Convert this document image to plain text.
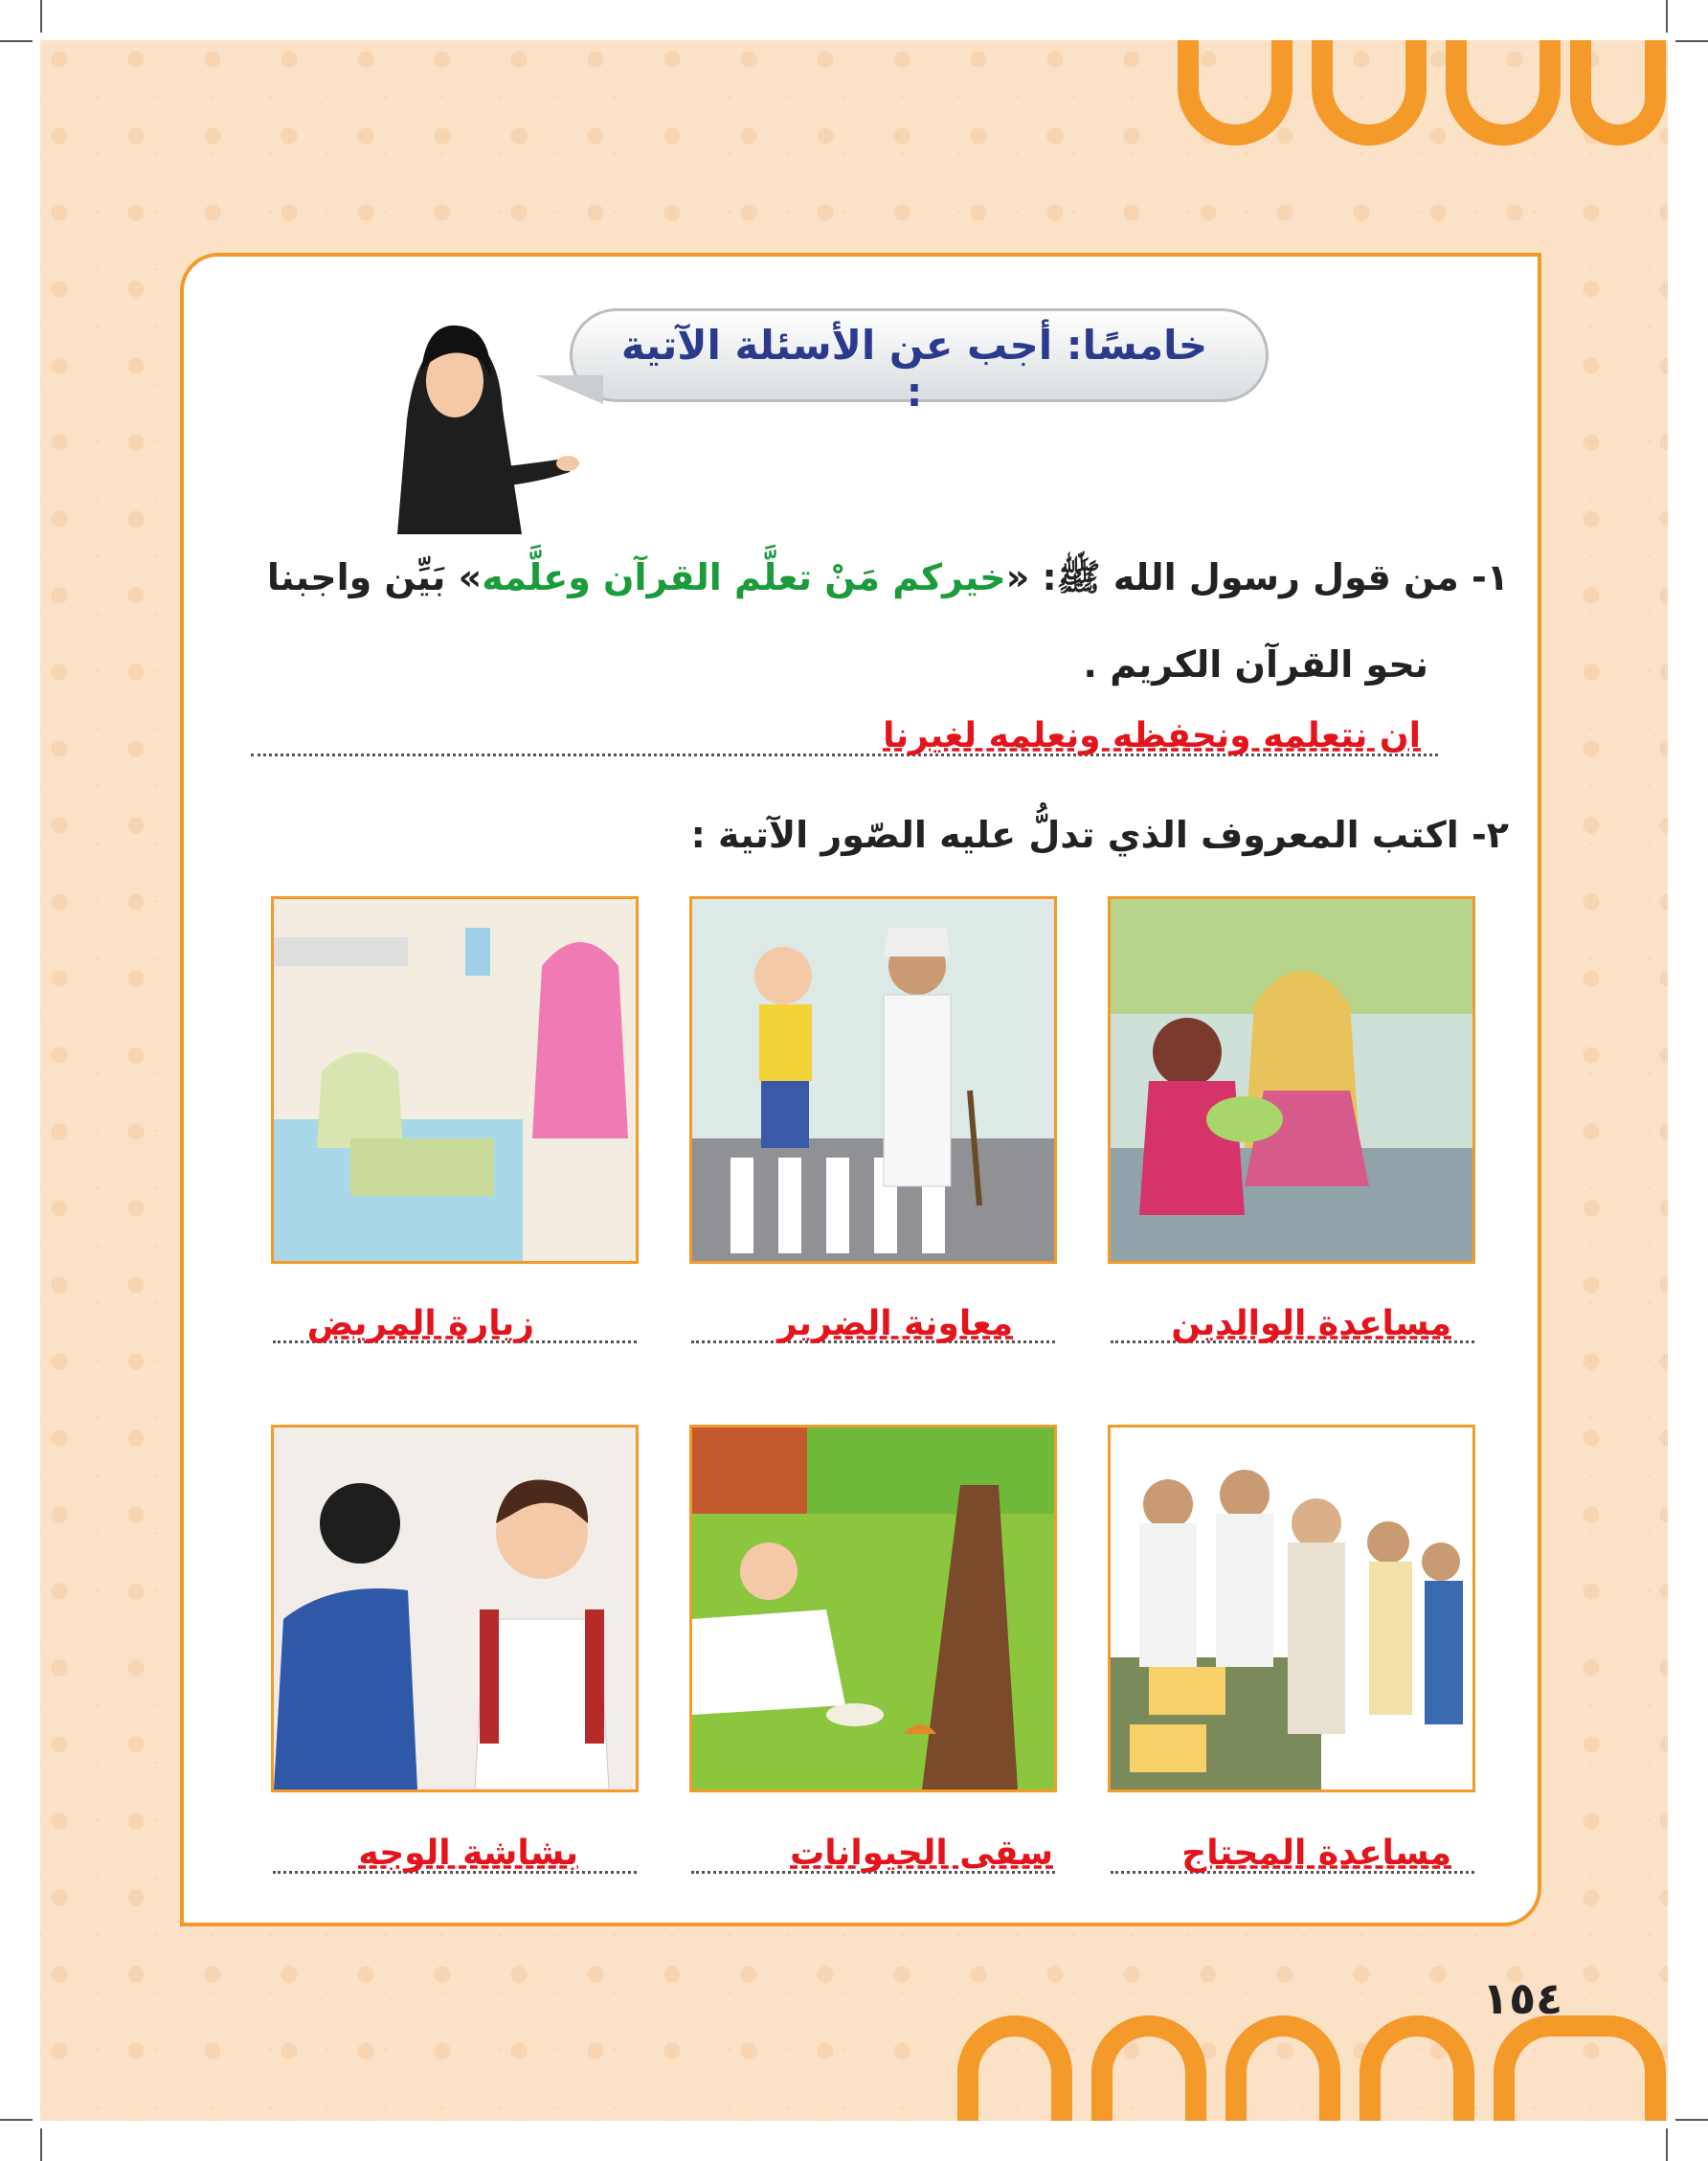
خامسًا: أجب عن الأسئلة الآتية :
١- من قول رسول الله ﷺ: «خيركم مَنْ تعلَّم القرآن وعلَّمه» بَيِّن واجبنا
نحو القرآن الكريم .
ان نتعلمه ونحفظه ونعلمه لغيرنا
٢- اكتب المعروف الذي تدلُّ عليه الصّور الآتية :
مساعدة الوالدين
معاونة الضرير
زيارة المريض
مساعدة المحتاج
سقى الحيوانات
بشاشة الوجه
١٥٤
